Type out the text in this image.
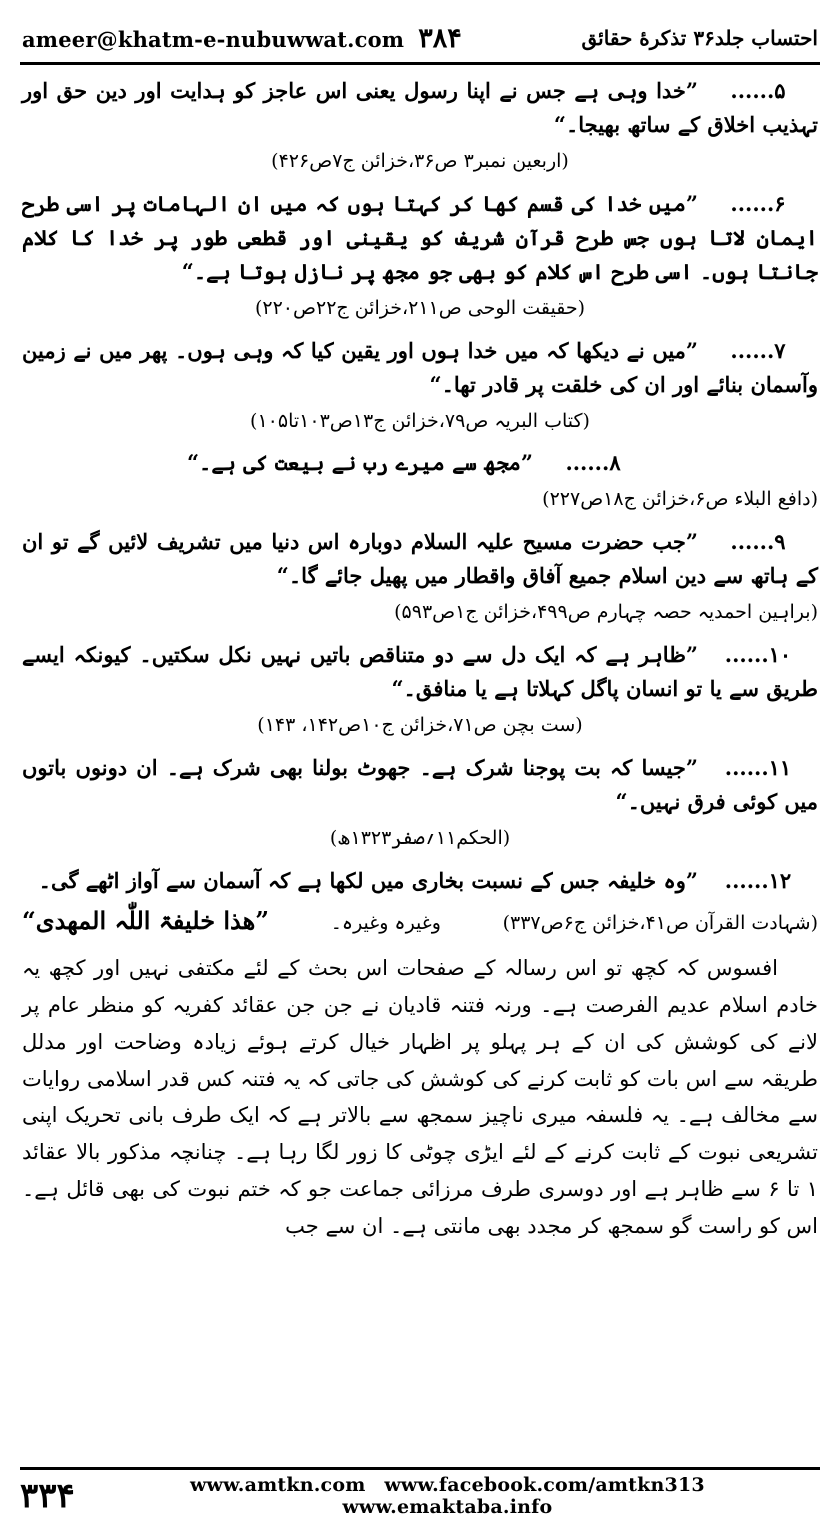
ameer@khatm-e-nubuwwat.com ۳۸۴	احتساب جلد۳۶ تذکرۀ حقائق

۵......”خدا وہی ہے جس نے اپنا رسول یعنی اس عاجز کو ہدایت اور دین حق اور تہذیب اخلاق کے ساتھ بھیجا۔“

(اربعین نمبر۳ ص۳۶،خزائن ج۷ص۴۲۶)

۶......”میں خدا کی قسم کھا کر کہتا ہوں کہ میں ان الہامات پر اسی طرح ایمان لاتا ہوں جس طرح قرآن شریف کو یقینی اور قطعی طور پر خدا کا کلام جانتا ہوں۔ اسی طرح اس کلام کو بھی جو مجھ پر نازل ہوتا ہے۔“

(حقیقت الوحی ص۲۱۱،خزائن ج۲۲ص۲۲۰)

۷......”میں نے دیکھا کہ میں خدا ہوں اور یقین کیا کہ وہی ہوں۔ پھر میں نے زمین وآسمان بنائے اور ان کی خلقت پر قادر تھا۔“

(کتاب البریہ ص۷۹،خزائن ج۱۳ص۱۰۳تا۱۰۵)

۸......”مجھ سے میرے رب نے بیعت کی ہے۔“

(دافع البلاء ص۶،خزائن ج۱۸ص۲۲۷)

۹......”جب حضرت مسیح علیہ السلام دوبارہ اس دنیا میں تشریف لائیں گے تو ان کے ہاتھ سے دین اسلام جمیع آفاق واقطار میں پھیل جائے گا۔“

(براہین احمدیہ حصہ چہارم ص۴۹۹،خزائن ج۱ص۵۹۳)

۱۰......”ظاہر ہے کہ ایک دل سے دو متناقص باتیں نہیں نکل سکتیں۔ کیونکہ ایسے طریق سے یا تو انسان پاگل کہلاتا ہے یا منافق۔“

(ست بچن ص۷۱،خزائن ج۱۰ص۱۴۲، ۱۴۳)

۱۱......”جیسا کہ بت پوجنا شرک ہے۔ جھوٹ بولنا بھی شرک ہے۔ ان دونوں باتوں میں کوئی فرق نہیں۔“

(الحکم۱۱؍صفر۱۳۲۳ھ)

۱۲......”وہ خلیفہ جس کے نسبت بخاری میں لکھا ہے کہ آسمان سے آواز اٹھے گی۔

(شہادت القرآن ص۴۱،خزائن ج۶ص۳۳۷)
وغیرہ وغیرہ۔
”ھذا خلیفۃ اللّٰہ المھدی“

افسوس کہ کچھ تو اس رسالہ کے صفحات اس بحث کے لئے مکتفی نہیں اور کچھ یہ خادم اسلام عدیم الفرصت ہے۔ ورنہ فتنہ قادیان نے جن جن عقائد کفریہ کو منظر عام پر لانے کی کوشش کی ان کے ہر پہلو پر اظہار خیال کرتے ہوئے زیادہ وضاحت اور مدلل طریقہ سے اس بات کو ثابت کرنے کی کوشش کی جاتی کہ یہ فتنہ کس قدر اسلامی روایات سے مخالف ہے۔ یہ فلسفہ میری ناچیز سمجھ سے بالاتر ہے کہ ایک طرف بانی تحریک اپنی تشریعی نبوت کے ثابت کرنے کے لئے ایڑی چوٹی کا زور لگا رہا ہے۔ چنانچہ مذکور بالا عقائد ۱ تا ۶ سے ظاہر ہے اور دوسری طرف مرزائی جماعت جو کہ ختم نبوت کی بھی قائل ہے۔ اس کو راست گو سمجھ کر مجدد بھی مانتی ہے۔ ان سے جب

۳۳۴	www.amtkn.com www.facebook.com/amtkn313 www.emaktaba.info
